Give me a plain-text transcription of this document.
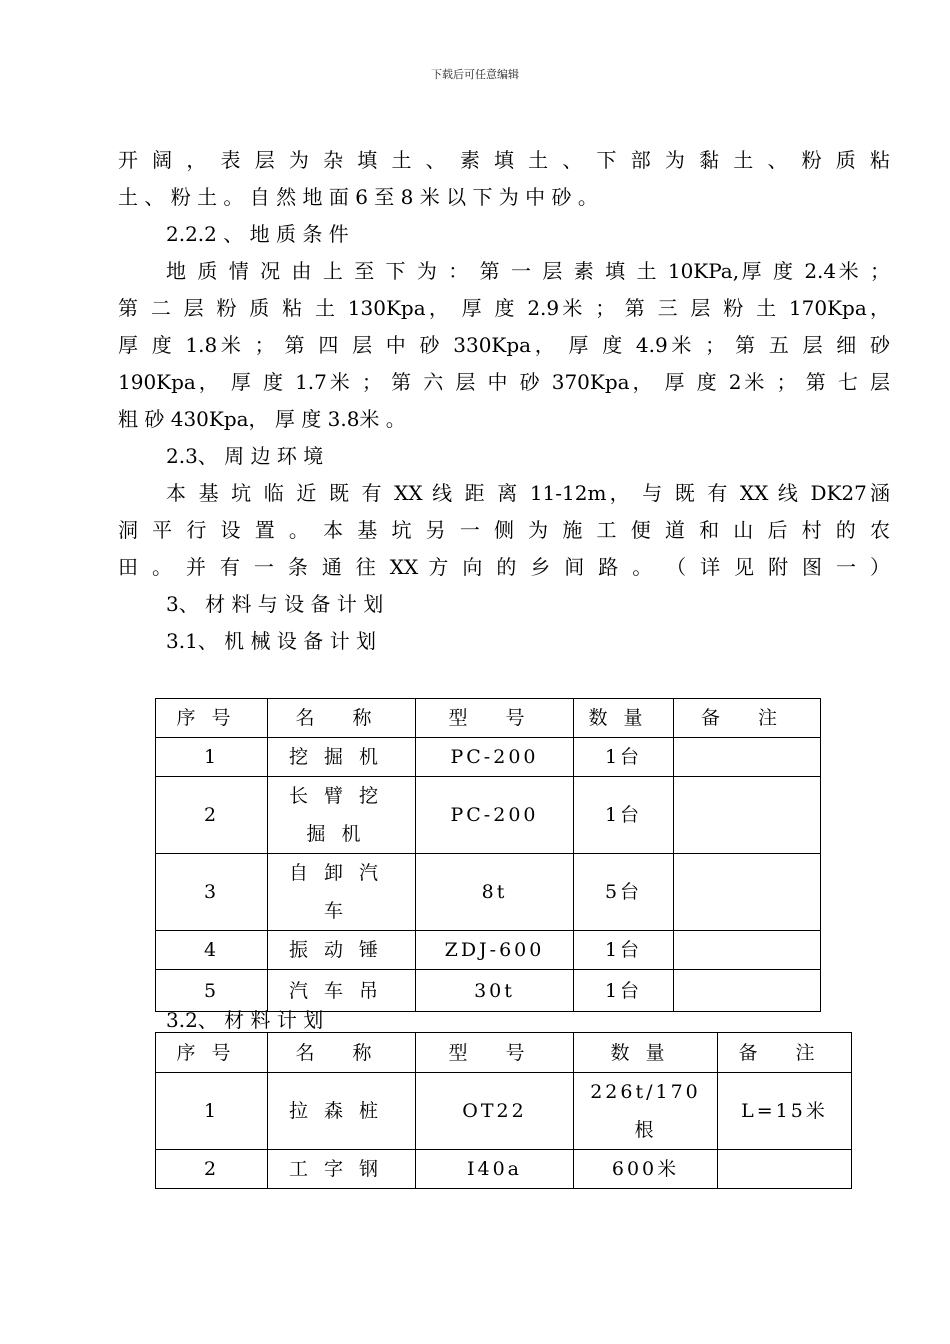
下载后可任意编辑
开 阔 ， 表 层 为 杂 填 土 、 素 填 土 、 下 部 为 黏 土 、 粉 质 粘
土 、 粉 土 。 自 然 地 面 6 至 8 米 以 下 为 中 砂 。
2.2.2 、 地 质 条 件
地 质 情 况 由 上 至 下 为 ： 第 一 层 素 填 土 10KPa,厚 度 2.4米 ；
第 二 层 粉 质 粘 土 130Kpa， 厚 度 2.9米 ； 第 三 层 粉 土 170Kpa，
厚 度 1.8米 ； 第 四 层 中 砂 330Kpa， 厚 度 4.9米 ； 第 五 层 细 砂
190Kpa， 厚 度 1.7米 ； 第 六 层 中 砂 370Kpa， 厚 度 2米 ； 第 七 层
粗 砂 430Kpa， 厚 度 3.8米 。
2.3、 周 边 环 境
本 基 坑 临 近 既 有 XX 线 距 离 11-12m， 与 既 有 XX 线 DK27涵
洞 平 行 设 置 。 本 基 坑 另 一 侧 为 施 工 便 道 和 山 后 村 的 农
田 。 并 有 一 条 通 往 XX 方 向 的 乡 间 路 。 （ 详 见 附 图 一 ）
3、 材 料 与 设 备 计 划
3.1、 机 械 设 备 计 划
序号	名 称	型 号	数量	备 注
1	挖掘机	PC-200	1台	
2	长臂挖掘机	PC-200	1台	
3	自卸汽车	8t	5台	
4	振动锤	ZDJ-600	1台	
5	汽车吊	30t	1台	
3.2、 材 料 计 划
序号	名 称	型 号	数量	备 注
1	拉森桩	OT22	226t/170根	L=15米
2	工字钢	I40a	600米	
